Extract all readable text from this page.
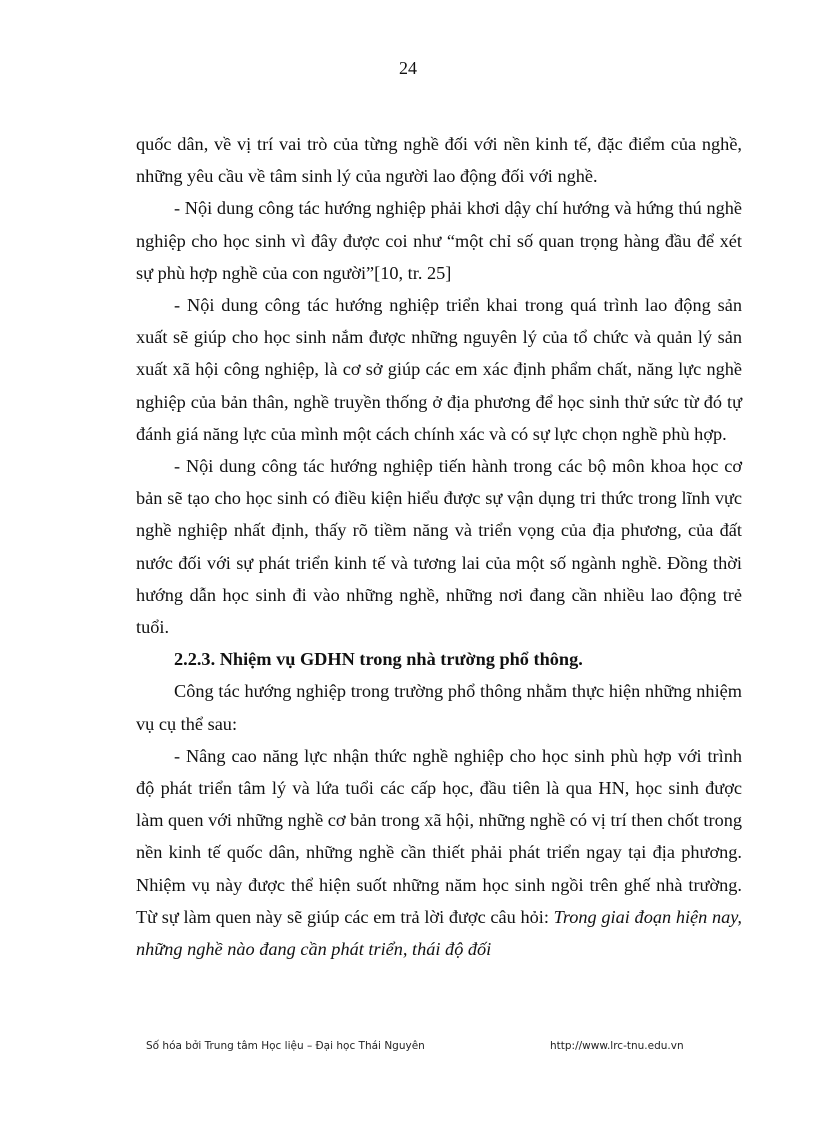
24

quốc dân, về vị trí vai trò của từng nghề đối với nền kinh tế, đặc điểm của nghề, những yêu cầu về tâm sinh lý của người lao động đối với nghề.

- Nội dung công tác hướng nghiệp phải khơi dậy chí hướng và hứng thú nghề nghiệp cho học sinh vì đây được coi như “một chỉ số quan trọng hàng đầu để xét sự phù hợp nghề của con người”[10, tr. 25]

- Nội dung công tác hướng nghiệp triển khai trong quá trình lao động sản xuất sẽ giúp cho học sinh nắm được những nguyên lý của tổ chức và quản lý sản xuất xã hội công nghiệp, là cơ sở giúp các em xác định phẩm chất, năng lực nghề nghiệp của bản thân, nghề truyền thống ở địa phương để học sinh thử sức từ đó tự đánh giá năng lực của mình một cách chính xác và có sự lực chọn nghề phù hợp.

- Nội dung công tác hướng nghiệp tiến hành trong các bộ môn khoa học cơ bản sẽ tạo cho học sinh có điều kiện hiểu được sự vận dụng tri thức trong lĩnh vực nghề nghiệp nhất định, thấy rõ tiềm năng và triển vọng của địa phương, của đất nước đối với sự phát triển kinh tế và tương lai của một số ngành nghề. Đồng thời hướng dẫn học sinh đi vào những nghề, những nơi đang cần nhiều lao động trẻ tuổi.

2.2.3. Nhiệm vụ GDHN trong nhà trường phổ thông.

Công tác hướng nghiệp trong trường phổ thông nhằm thực hiện những nhiệm vụ cụ thể sau:

- Nâng cao năng lực nhận thức nghề nghiệp cho học sinh phù hợp với trình độ phát triển tâm lý và lứa tuổi các cấp học, đầu tiên là qua HN, học sinh được làm quen với những nghề cơ bản trong xã hội, những nghề có vị trí then chốt trong nền kinh tế quốc dân, những nghề cần thiết phải phát triển ngay tại địa phương. Nhiệm vụ này được thể hiện suốt những năm học sinh ngồi trên ghế nhà trường. Từ sự làm quen này sẽ giúp các em trả lời được câu hỏi: Trong giai đoạn hiện nay, những nghề nào đang cần phát triển, thái độ đối

Số hóa bởi Trung tâm Học liệu – Đại học Thái Nguyên	http://www.lrc-tnu.edu.vn
